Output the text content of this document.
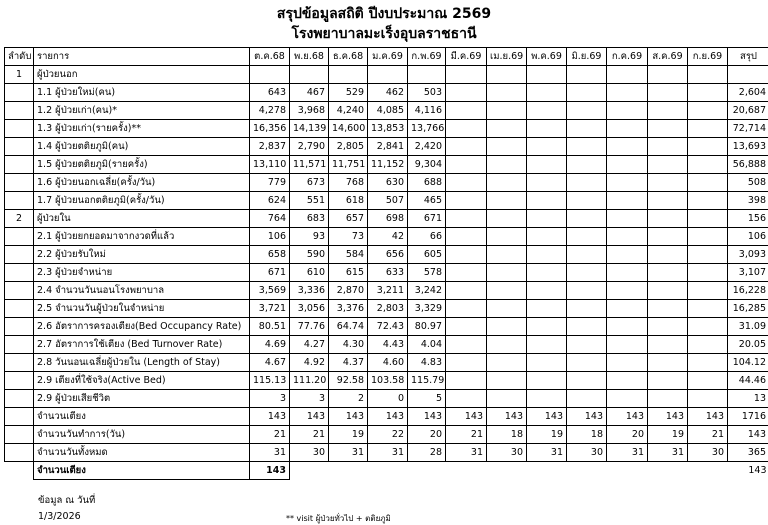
สรุปข้อมูลสถิติ ปีงบประมาณ 2569
โรงพยาบาลมะเร็งอุบลราชธานี
ลำดับ	รายการ	ต.ค.68	พ.ย.68	ธ.ค.68	ม.ค.69	ก.พ.69	มี.ค.69	เม.ย.69	พ.ค.69	มิ.ย.69	ก.ค.69	ส.ค.69	ก.ย.69	สรุป
1	ผู้ป่วยนอก													
	1.1 ผู้ป่วยใหม่(คน)	643	467	529	462	503								2,604
	1.2 ผู้ป่วยเก่า(คน)*	4,278	3,968	4,240	4,085	4,116								20,687
	1.3 ผู้ป่วยเก่า(รายครั้ง)**	16,356	14,139	14,600	13,853	13,766								72,714
	1.4 ผู้ป่วยตติยภูมิ(คน)	2,837	2,790	2,805	2,841	2,420								13,693
	1.5 ผู้ป่วยตติยภูมิ(รายครั้ง)	13,110	11,571	11,751	11,152	9,304								56,888
	1.6 ผู้ป่วยนอกเฉลี่ย(ครั้ง/วัน)	779	673	768	630	688								508
	1.7 ผู้ป่วยนอกตติยภูมิ(ครั้ง/วัน)	624	551	618	507	465								398
2	ผู้ป่วยใน	764	683	657	698	671								156
	2.1 ผู้ป่วยยกยอดมาจากงวดที่แล้ว	106	93	73	42	66								106
	2.2 ผู้ป่วยรับใหม่	658	590	584	656	605								3,093
	2.3 ผู้ป่วยจำหน่าย	671	610	615	633	578								3,107
	2.4 จำนวนวันนอนโรงพยาบาล	3,569	3,336	2,870	3,211	3,242								16,228
	2.5 จำนวนวันผู้ป่วยในจำหน่าย	3,721	3,056	3,376	2,803	3,329								16,285
	2.6 อัตราการครองเตียง(Bed Occupancy Rate)	80.51	77.76	64.74	72.43	80.97								31.09
	2.7 อัตราการใช้เตียง (Bed Turnover Rate)	4.69	4.27	4.30	4.43	4.04								20.05
	2.8 วันนอนเฉลี่ยผู้ป่วยใน (Length of Stay)	4.67	4.92	4.37	4.60	4.83								104.12
	2.9 เตียงที่ใช้จริง(Active Bed)	115.13	111.20	92.58	103.58	115.79								44.46
	2.9 ผู้ป่วยเสียชีวิต	3	3	2	0	5								13
	จำนวนเตียง	143	143	143	143	143	143	143	143	143	143	143	143	1716
	จำนวนวันทำการ(วัน)	21	21	19	22	20	21	18	19	18	20	19	21	143
	จำนวนวันทั้งหมด	31	30	31	31	28	31	30	31	30	31	31	30	365
	จำนวนเตียง	143												143
ข้อมูล ณ วันที่
1/3/2026	** visit ผู้ป่วยทั่วไป + ตติยภูมิ
